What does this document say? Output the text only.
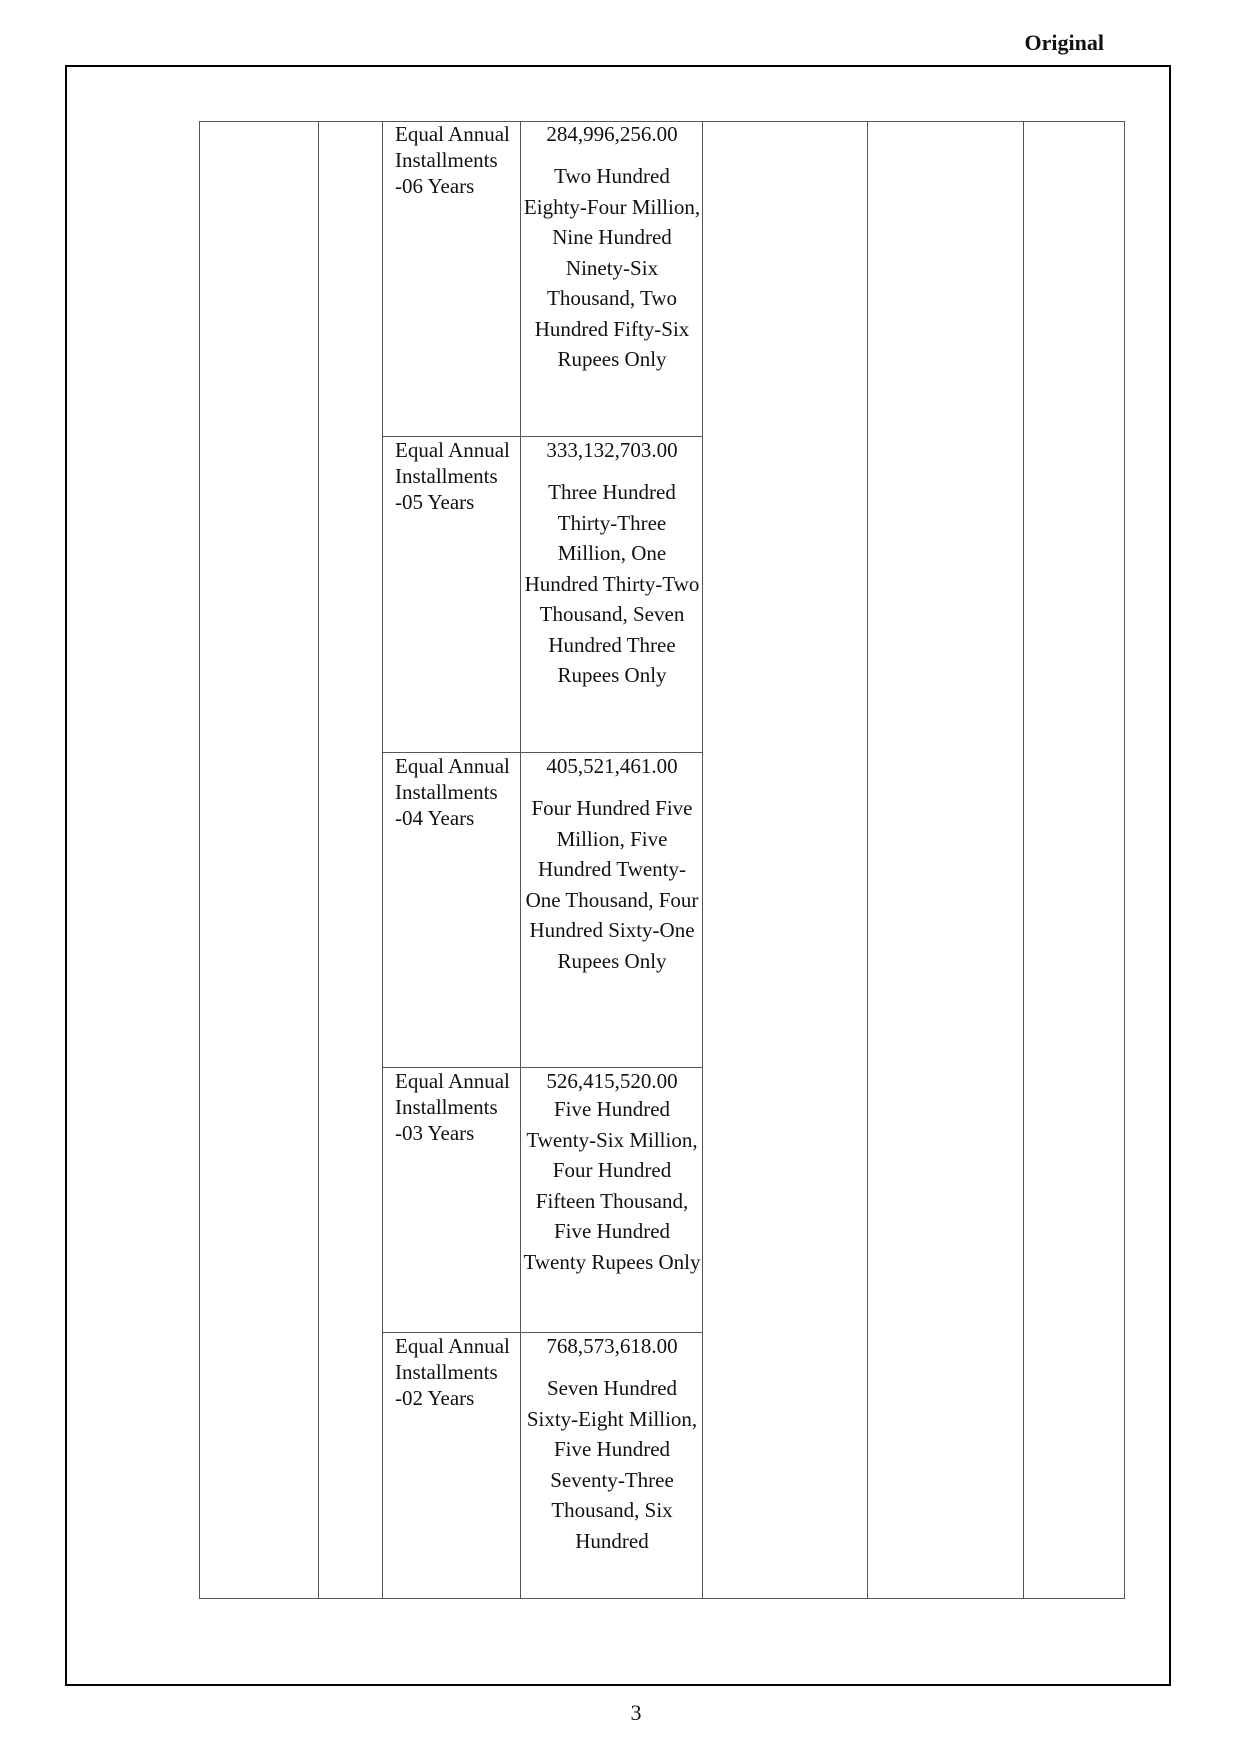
Original
Equal Annual Installments -06 Years
284,996,256.00
Two Hundred Eighty-Four Million, Nine Hundred Ninety-Six Thousand, Two Hundred Fifty-Six Rupees Only
Equal Annual Installments -05 Years
333,132,703.00
Three Hundred Thirty-Three Million, One Hundred Thirty-Two Thousand, Seven Hundred Three Rupees Only
Equal Annual Installments -04 Years
405,521,461.00
Four Hundred Five Million, Five Hundred Twenty-One Thousand, Four Hundred Sixty-One Rupees Only
Equal Annual Installments -03 Years
526,415,520.00
Five Hundred Twenty-Six Million, Four Hundred Fifteen Thousand, Five Hundred Twenty Rupees Only
Equal Annual Installments -02 Years
768,573,618.00
Seven Hundred Sixty-Eight Million, Five Hundred Seventy-Three Thousand, Six Hundred
3
